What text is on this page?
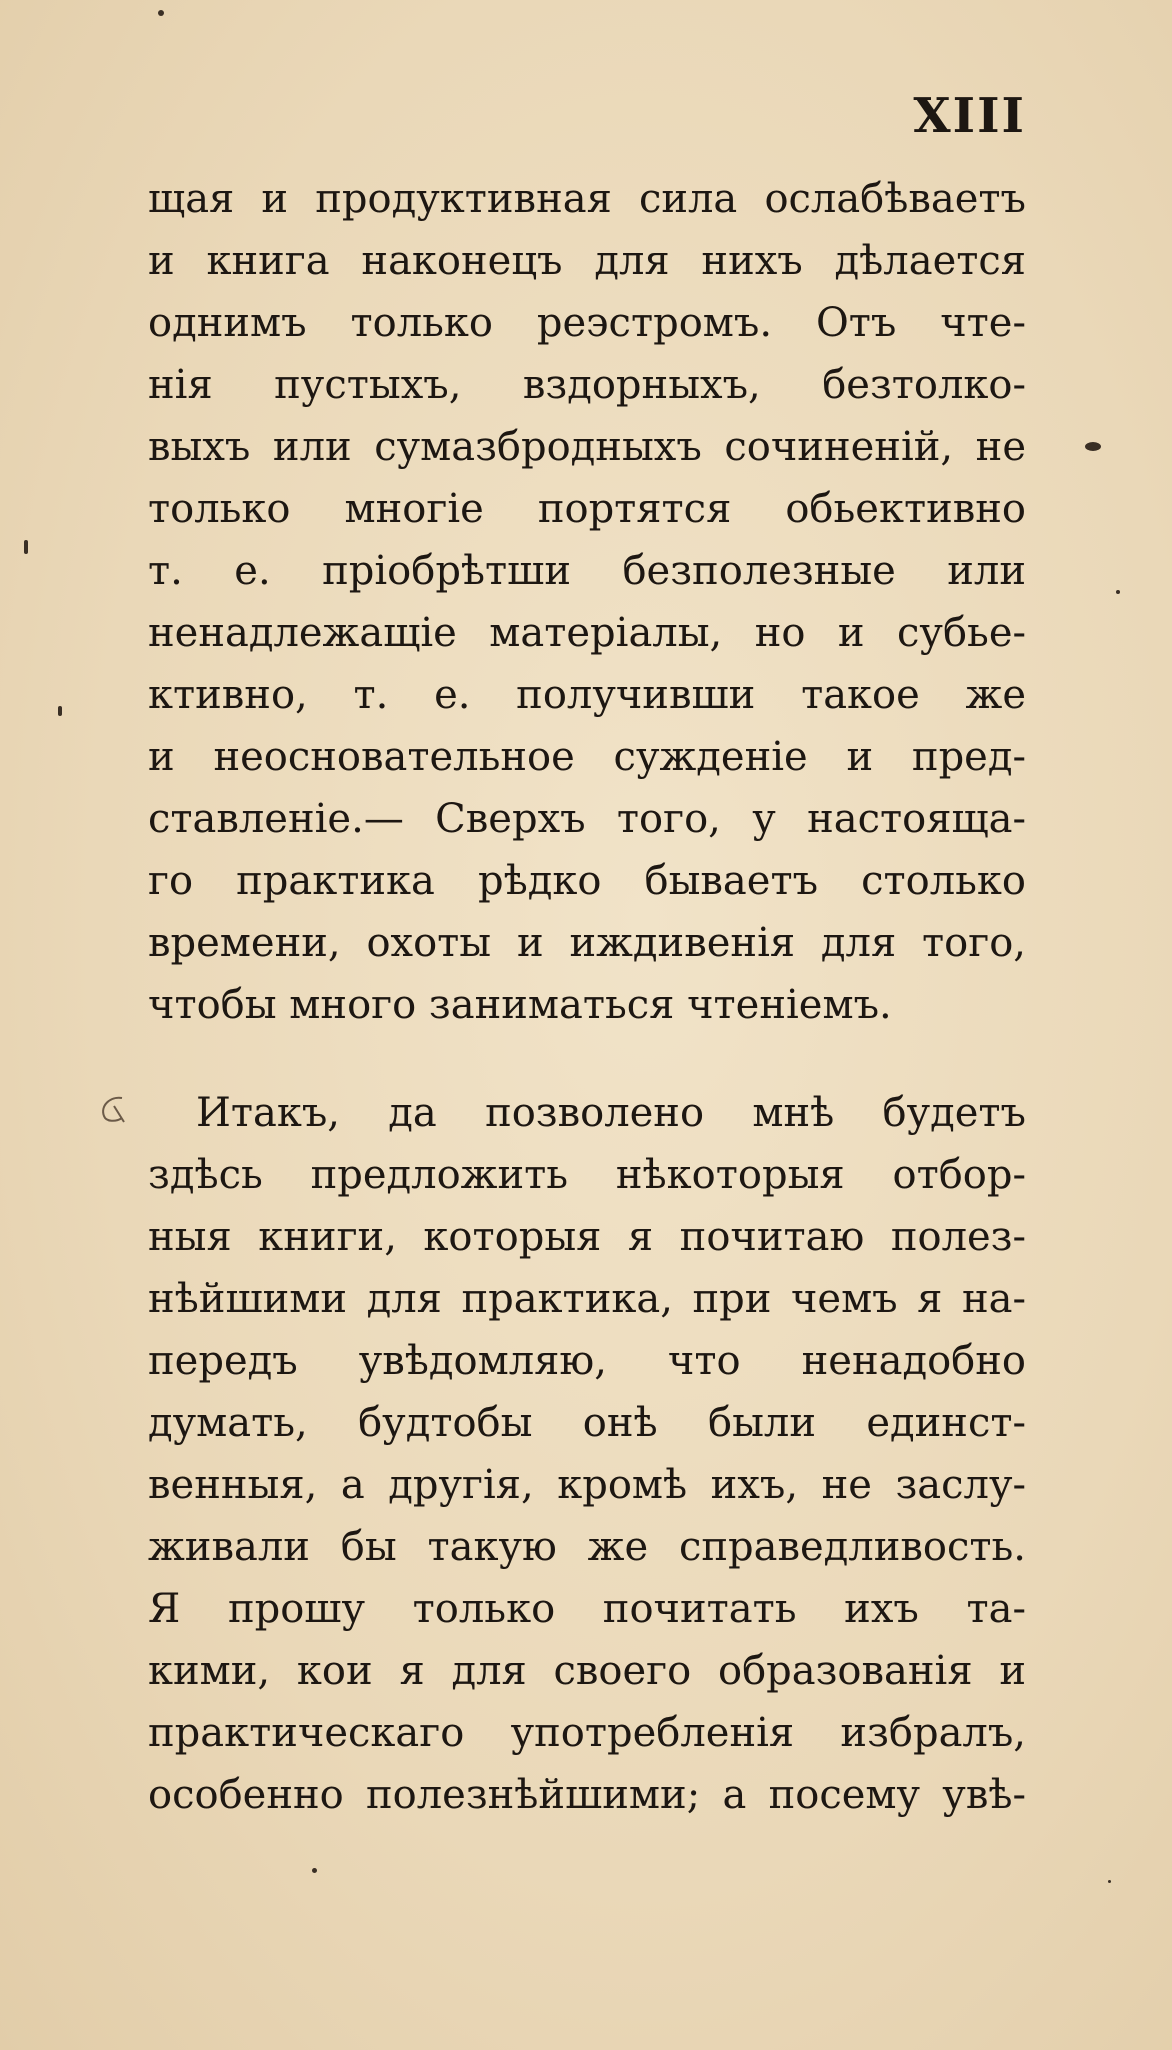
XIII
щая и продуктивная сила ослабѣваетъ
и книга наконецъ для нихъ дѣлается
однимъ только реэстромъ. Отъ чте-
нія пустыхъ, вздорныхъ, безтолко-
выхъ или сумазбродныхъ сочиненій, не
только многіе портятся обьективно
т. е. пріобрѣтши безполезные или
ненадлежащіе матеріалы, но и субье-
ктивно, т. е. получивши такое же
и неосновательное сужденіе и пред-
ставленіе.— Сверхъ того, у настояща-
го практика рѣдко бываетъ столько
времени, охоты и иждивенія для того,
чтобы много заниматься чтеніемъ.
Итакъ, да позволено мнѣ будетъ
здѣсь предложить нѣкоторыя отбор-
ныя книги, которыя я почитаю полез-
нѣйшими для практика, при чемъ я на-
передъ увѣдомляю, что ненадобно
думать, будтобы онѣ были единст-
венныя, а другія, кромѣ ихъ, не заслу-
живали бы такую же справедливость.
Я прошу только почитать ихъ та-
кими, кои я для своего образованія и
практическаго употребленія избралъ,
особенно полезнѣйшими; а посему увѣ-
